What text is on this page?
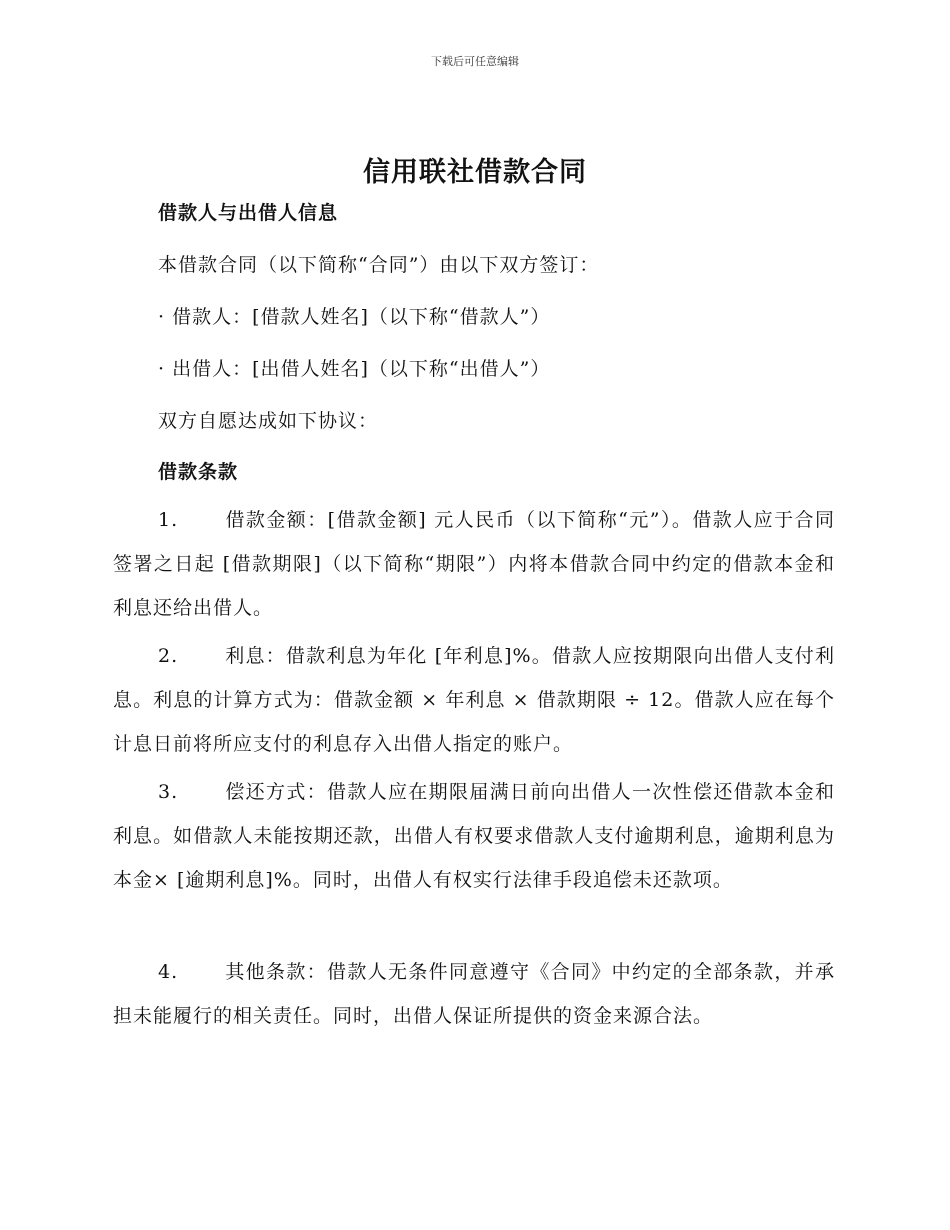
下载后可任意编辑
信用联社借款合同
借款人与出借人信息
本借款合同（以下简称“合同”）由以下双方签订：
· 借款人：[借款人姓名]（以下称“借款人”）
· 出借人：[出借人姓名]（以下称“出借人”）
双方自愿达成如下协议：
借款条款
1. 借款金额：[借款金额] 元人民币（以下简称“元”）。借款人应于合同签署之日起 [借款期限]（以下简称“期限”）内将本借款合同中约定的借款本金和利息还给出借人。
2. 利息：借款利息为年化 [年利息]%。借款人应按期限向出借人支付利息。利息的计算方式为：借款金额 × 年利息 × 借款期限 ÷ 12。借款人应在每个计息日前将所应支付的利息存入出借人指定的账户。
3. 偿还方式：借款人应在期限届满日前向出借人一次性偿还借款本金和利息。如借款人未能按期还款，出借人有权要求借款人支付逾期利息，逾期利息为本金× [逾期利息]%。同时，出借人有权实行法律手段追偿未还款项。
4. 其他条款：借款人无条件同意遵守《合同》中约定的全部条款，并承担未能履行的相关责任。同时，出借人保证所提供的资金来源合法。
